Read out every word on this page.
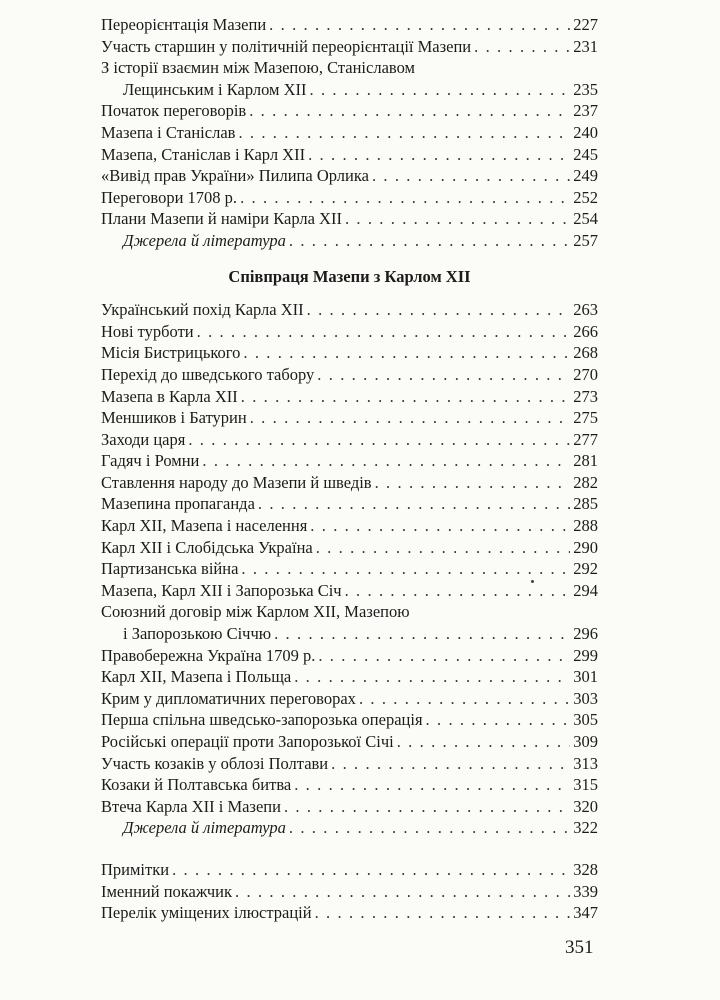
Переорієнтація Мазепи . . .	227
Участь старшин у політичній переорієнтації Мазепи . . .	231
З історії взаємин між Мазепою, Станіславом
Лещинським і Карлом XII . . .	235
Початок переговорів . . .	237
Мазепа і Станіслав . . .	240
Мазепа, Станіслав і Карл XII . . .	245
«Вивід прав України» Пилипа Орлика . . .	249
Переговори 1708 р. . . .	252
Плани Мазепи й наміри Карла XII . . .	254
Джерела й література . . .	257
Співпраця Мазепи з Карлом XII
Український похід Карла XII . . .	263
Нові турботи . . .	266
Місія Бистрицького . . .	268
Перехід до шведського табору . . .	270
Мазепа в Карла XII . . .	273
Меншиков і Батурин . . .	275
Заходи царя . . .	277
Гадяч і Ромни . . .	281
Ставлення народу до Мазепи й шведів . . .	282
Мазепина пропаганда . . .	285
Карл XII, Мазепа і населення . . .	288
Карл XII і Слобідська Україна . . .	290
Партизанська війна . . .	292
Мазепа, Карл XII і Запорозька Січ . . .	294
Союзний договір між Карлом XII, Мазепою
і Запорозькою Січчю . . .	296
Правобережна Україна 1709 р. . . .	299
Карл XII, Мазепа і Польща . . .	301
Крим у дипломатичних переговорах . . .	303
Перша спільна шведсько-запорозька операція . . .	305
Російські операції проти Запорозької Січі . . .	309
Участь козаків у облозі Полтави . . .	313
Козаки й Полтавська битва . . .	315
Втеча Карла XII і Мазепи . . .	320
Джерела й література . . .	322
Примітки . . .	328
Іменний покажчик . . .	339
Перелік уміщених ілюстрацій . . .	347
351
